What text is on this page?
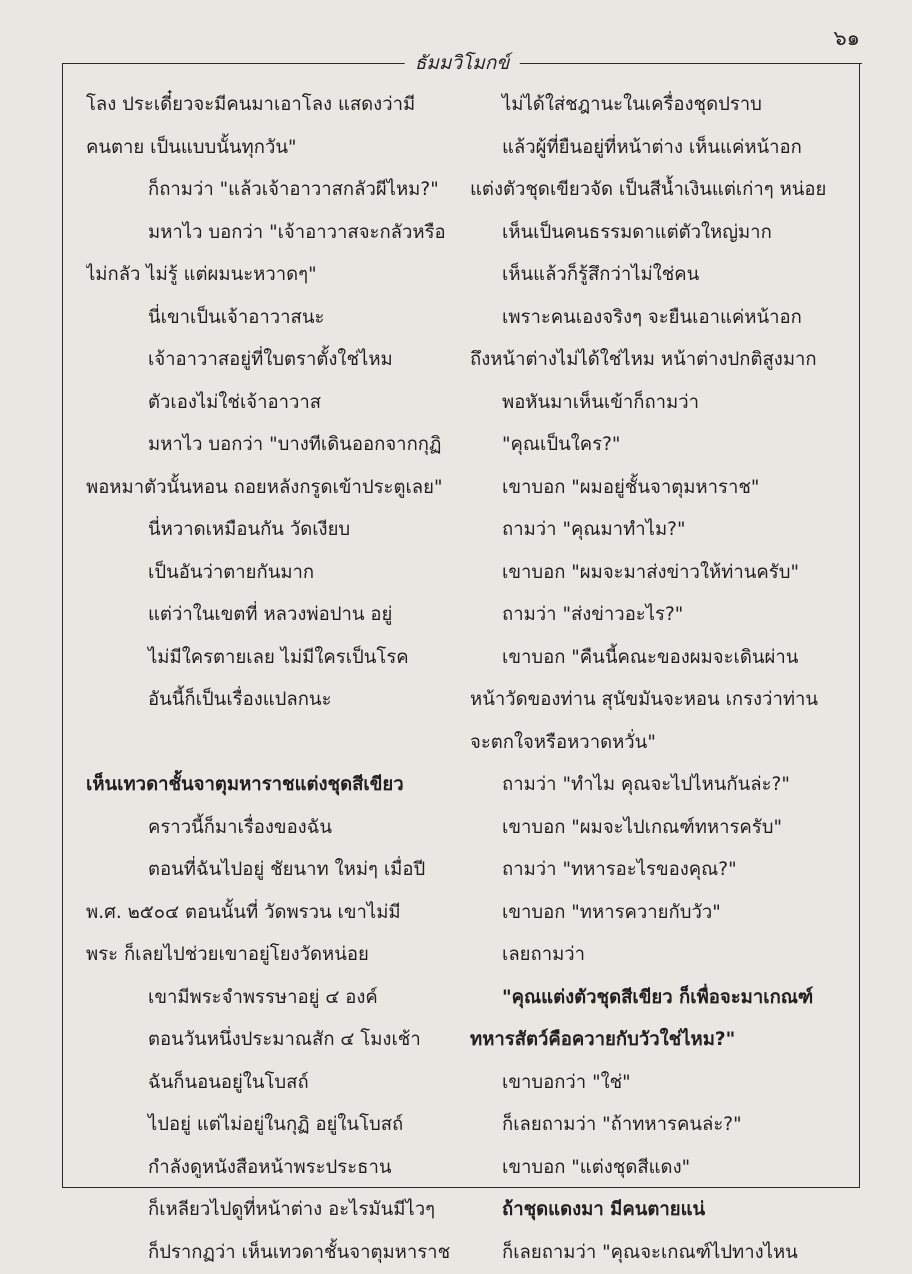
๖๑
ธัมมวิโมกข์
โลง ประเดี๋ยวจะมีคนมาเอาโลง แสดงว่ามี
คนตาย เป็นแบบนั้นทุกวัน"
ก็ถามว่า "แล้วเจ้าอาวาสกลัวผีไหม?"
มหาไว บอกว่า "เจ้าอาวาสจะกลัวหรือ
ไม่กลัว ไม่รู้ แต่ผมนะหวาดๆ"
นี่เขาเป็นเจ้าอาวาสนะ
เจ้าอาวาสอยู่ที่ใบตราตั้งใช่ไหม
ตัวเองไม่ใช่เจ้าอาวาส
มหาไว บอกว่า "บางทีเดินออกจากกุฏิ
พอหมาตัวนั้นหอน ถอยหลังกรูดเข้าประตูเลย"
นี่หวาดเหมือนกัน วัดเงียบ
เป็นอันว่าตายกันมาก
แต่ว่าในเขตที่ หลวงพ่อปาน อยู่
ไม่มีใครตายเลย ไม่มีใครเป็นโรค
อันนี้ก็เป็นเรื่องแปลกนะ
เห็นเทวดาชั้นจาตุมหาราชแต่งชุดสีเขียว
คราวนี้ก็มาเรื่องของฉัน
ตอนที่ฉันไปอยู่ ชัยนาท ใหม่ๆ เมื่อปี
พ.ศ. ๒๕๐๔ ตอนนั้นที่ วัดพรวน เขาไม่มี
พระ ก็เลยไปช่วยเขาอยู่โยงวัดหน่อย
เขามีพระจำพรรษาอยู่ ๔ องค์
ตอนวันหนึ่งประมาณสัก ๔ โมงเช้า
ฉันก็นอนอยู่ในโบสถ์
ไปอยู่ แต่ไม่อยู่ในกุฏิ อยู่ในโบสถ์
กำลังดูหนังสือหน้าพระประธาน
ก็เหลียวไปดูที่หน้าต่าง อะไรมันมีไวๆ
ก็ปรากฏว่า เห็นเทวดาชั้นจาตุมหาราช
ไม่ได้ใส่ชฎานะในเครื่องชุดปราบ
แล้วผู้ที่ยืนอยู่ที่หน้าต่าง เห็นแค่หน้าอก
แต่งตัวชุดเขียวจัด เป็นสีน้ำเงินแต่เก่าๆ หน่อย
เห็นเป็นคนธรรมดาแต่ตัวใหญ่มาก
เห็นแล้วก็รู้สึกว่าไม่ใช่คน
เพราะคนเองจริงๆ จะยืนเอาแค่หน้าอก
ถึงหน้าต่างไม่ได้ใช่ไหม หน้าต่างปกติสูงมาก
พอหันมาเห็นเข้าก็ถามว่า
"คุณเป็นใคร?"
เขาบอก "ผมอยู่ชั้นจาตุมหาราช"
ถามว่า "คุณมาทำไม?"
เขาบอก "ผมจะมาส่งข่าวให้ท่านครับ"
ถามว่า "ส่งข่าวอะไร?"
เขาบอก "คืนนี้คณะของผมจะเดินผ่าน
หน้าวัดของท่าน สุนัขมันจะหอน เกรงว่าท่าน
จะตกใจหรือหวาดหวั่น"
ถามว่า "ทำไม คุณจะไปไหนกันล่ะ?"
เขาบอก "ผมจะไปเกณฑ์ทหารครับ"
ถามว่า "ทหารอะไรของคุณ?"
เขาบอก "ทหารควายกับวัว"
เลยถามว่า
"คุณแต่งตัวชุดสีเขียว ก็เพื่อจะมาเกณฑ์
ทหารสัตว์คือควายกับวัวใช่ไหม?"
เขาบอกว่า "ใช่"
ก็เลยถามว่า "ถ้าทหารคนล่ะ?"
เขาบอก "แต่งชุดสีแดง"
ถ้าชุดแดงมา มีคนตายแน่
ก็เลยถามว่า "คุณจะเกณฑ์ไปทางไหน
